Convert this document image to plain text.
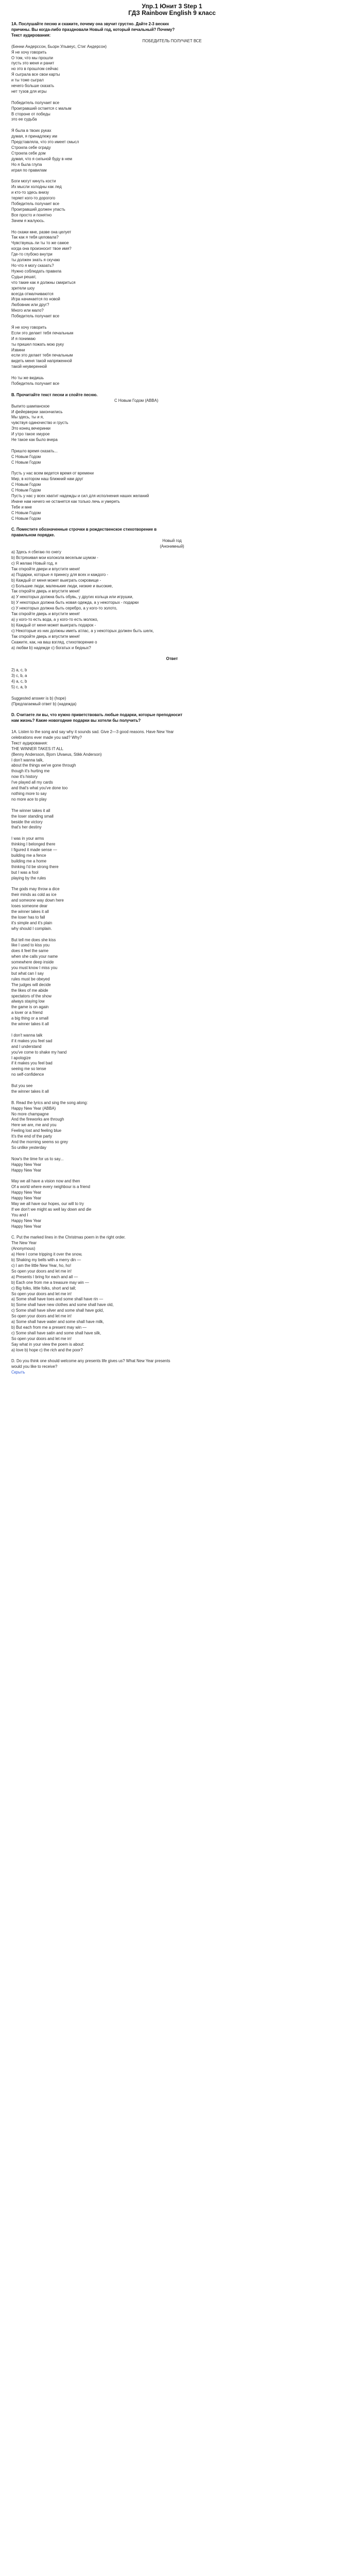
Упр.1 Юнит 3 Step 1
ГДЗ Rainbow English 9 класс
1A. Послушайте песню и скажите, почему она звучит грустно. Дайте 2-3 веских
причины. Вы когда-либо праздновали Новый год, который печальный? Почему?
Текст аудирования:
ПОБЕДИТЕЛЬ ПОЛУЧАЕТ ВСЕ
(Бенни Андерссон, Бьорн Ульвеус, Стиг Андерсон)
Я не хочу говорить
О том, что мы прошли
пусть это меня и ранит
но это в прошлом сейчас
Я сыграла все свои карты
и ты тоже сыграл
нечего больше сказать
нет тузов для игры
Победитель получает все
Проигравший остается с малым
В стороне от победы
это ее судьба
Я была в твоих руках
думая, я принадлежу им
Представляла, что это имеет смысл
Строила себе ограду
Строила себе дом
думая, что я сильной буду в нем
Но я была глупа
играя по правилам
Боги могут кинуть кости
Их мысли холодны как лед
и кто-то здесь внизу
теряет кого-то дорогого
Победитель получает все
Проигравший должен упасть
Все просто и понятно
Зачем я жалуюсь.
Но скажи мне, разве она целует
Так как я тебя целовала?
Чувствуешь ли ты то же самое
когда она произносит твое имя?
Где-то глубоко внутри
ты должен знать я скучаю
Но что я могу сказать?
Нужно соблюдать правила
Судьи решат,
что такие как я должны смириться
зрители шоу
всегда отмалчиваются
Игра начинается по новой
Любовник или друг?
Много или мало?
Победитель получает все
Я не хочу говорить
Если это делает тебя печальным
И я понимаю
ты пришел пожать мою руку
Извини
если это делает тебя печальным
видеть меня такой напряженной
такой неуверенной
Но ты же видишь
Победитель получает все
B. Прочитайте текст песни и спойте песню.
С Новым Годом (ABBA)
Выпито шампанское
И фейерверки закончились
Мы здесь, ты и я,
чувствуя одиночество и грусть
Это конец вечеринки
И утро такое хмурое
Не такое как было вчера
Пришло время сказать...
С Новым Годом
С Новым Годом
Пусть у нас всем ведется время от времени
Мир, в котором наш ближний нам друг
С Новым Годом
С Новым Годом
Пусть у нас у всех хватит надежды и сил для исполнения наших желаний
Иначе нам ничего не останется как только лечь и умереть
Тебе и мне
С Новым Годом
С Новым Годом
C. Поместите обозначенные строчки в рождественское стихотворение в
правильном порядке.
Новый год
(Анонимный)
a) Здесь я сбегаю по снегу
b) Встряхивая мои колокола веселым шумом -
c) Я желаю Новый год, я
Так откройте двери и впустите меня!
a) Подарки, которые я принесу для всех и каждого -
b) Каждый от меня может выиграть сокровище -
c) Большие люди, маленькие люди, низкие и высокие,
Так откройте дверь и впустите меня!
a) У некоторых должна быть обувь, у других кольца или игрушки,
b) У некоторых должна быть новая одежда, а у некоторых - подарки
c) У некоторых должна быть серебро, а у кого-то золото,
Так откройте дверь и впустите меня!
a) у кого-то есть вода, а у кого-то есть молоко,
b) Каждый от меня может выиграть подарок -
c) Некоторые из них должны иметь атлас, а у некоторых должен быть шелк,
Так откройте дверь и впустите меня!
Скажите, как, на ваш взгляд, стихотворение о
a) любви b) надежде c) богатых и бедных?
Ответ
2) a, c, b
3) c, b, a
4) a, c, b
5) c, a, b
Suggested answer is b) (hope)
(Предлагаемый ответ b) (надежда)
D. Считаете ли вы, что нужно приветствовать любые подарки, которые преподносит
нам жизнь? Какие новогодние подарки вы хотели бы получить?
1A. Listen to the song and say why it sounds sad. Give 2—3 good reasons. Have New Year
celebrations ever made you sad? Why?
Текст аудирования:
THE WINNER TAKES IT ALL
(Benny Andersson, Bjorn Ulvaeus, Stikk Anderson)
I don't wanna talk,
about the things we've gone through
though it's hurting me
now it's history
I've played all my cards
and that's what you've done too
nothing more to say
no more ace to play
The winner takes it all
the loser standing small
beside the victory
that's her destiny
I was in your arms
thinking I belonged there
I figured it made sense —
building me a fence
building me a home
thinking I'd be strong there
but I was a fool
playing by the rules
The gods may throw a dice
their minds as cold as ice
and someone way down here
loses someone dear
the winner takes it all
the loser has to fall
it's simple and it's plain
why should I complain.
But tell me does she kiss
like I used to kiss you
does it feel the same
when she calls your name
somewhere deep inside
you must know I miss you
but what can I say
rules must be obeyed
The judges will decide
the likes of me abide
spectators of the show
always staying low
the game is on again
a lover or a friend
a big thing or a small
the winner takes it all
I don't wanna talk
if it makes you feel sad
and I understand
you've come to shake my hand
I apologize
if it makes you feel bad
seeing me so tense
no self-confidence
But you see
the winner takes it all
B. Read the lyrics and sing the song along:
Happy New Year (ABBA)
No more champagne
And the fireworks are through
Here we are, me and you
Feeling lost and feeling blue
It's the end of the party
And the morning seems so grey
So unlike yesterday
Now's the time for us to say...
Happy New Year
Happy New Year
May we all have a vision now and then
Of a world where every neighbour is a friend
Happy New Year
Happy New Year
May we all have our hopes, our will to try
If we don't we might as well lay down and die
You and I
Happy New Year
Happy New Year
C. Put the marked lines in the Christmas poem in the right order.
The New Year
(Anonymous)
a) Here I come tripping it over the snow,
b) Shaking my bells with a merry din —
c) I am the little New Year, ho, ho!
So open your doors and let me in!
a) Presents I bring for each and all —
b) Each one from me a treasure may win —
c) Big folks, little folks, short and tall;
So open your doors and let me in!
a) Some shall have toes and some shall have rin —
b) Some shall have new clothes and some shall have old,
c) Some shall have silver and some shall have gold,
So open your doors and let me in!
a) Some shall have water and some shall have milk,
b) But each from me a present may win —
c) Some shall have satin and some shall have silk,
So open your doors and let me in!
Say what in your view the poem is about:
a) love b) hope c) the rich and the poor?
D. Do you think one should welcome any presents life gives us? What New Year presents
would you like to receive?
Скрыть
